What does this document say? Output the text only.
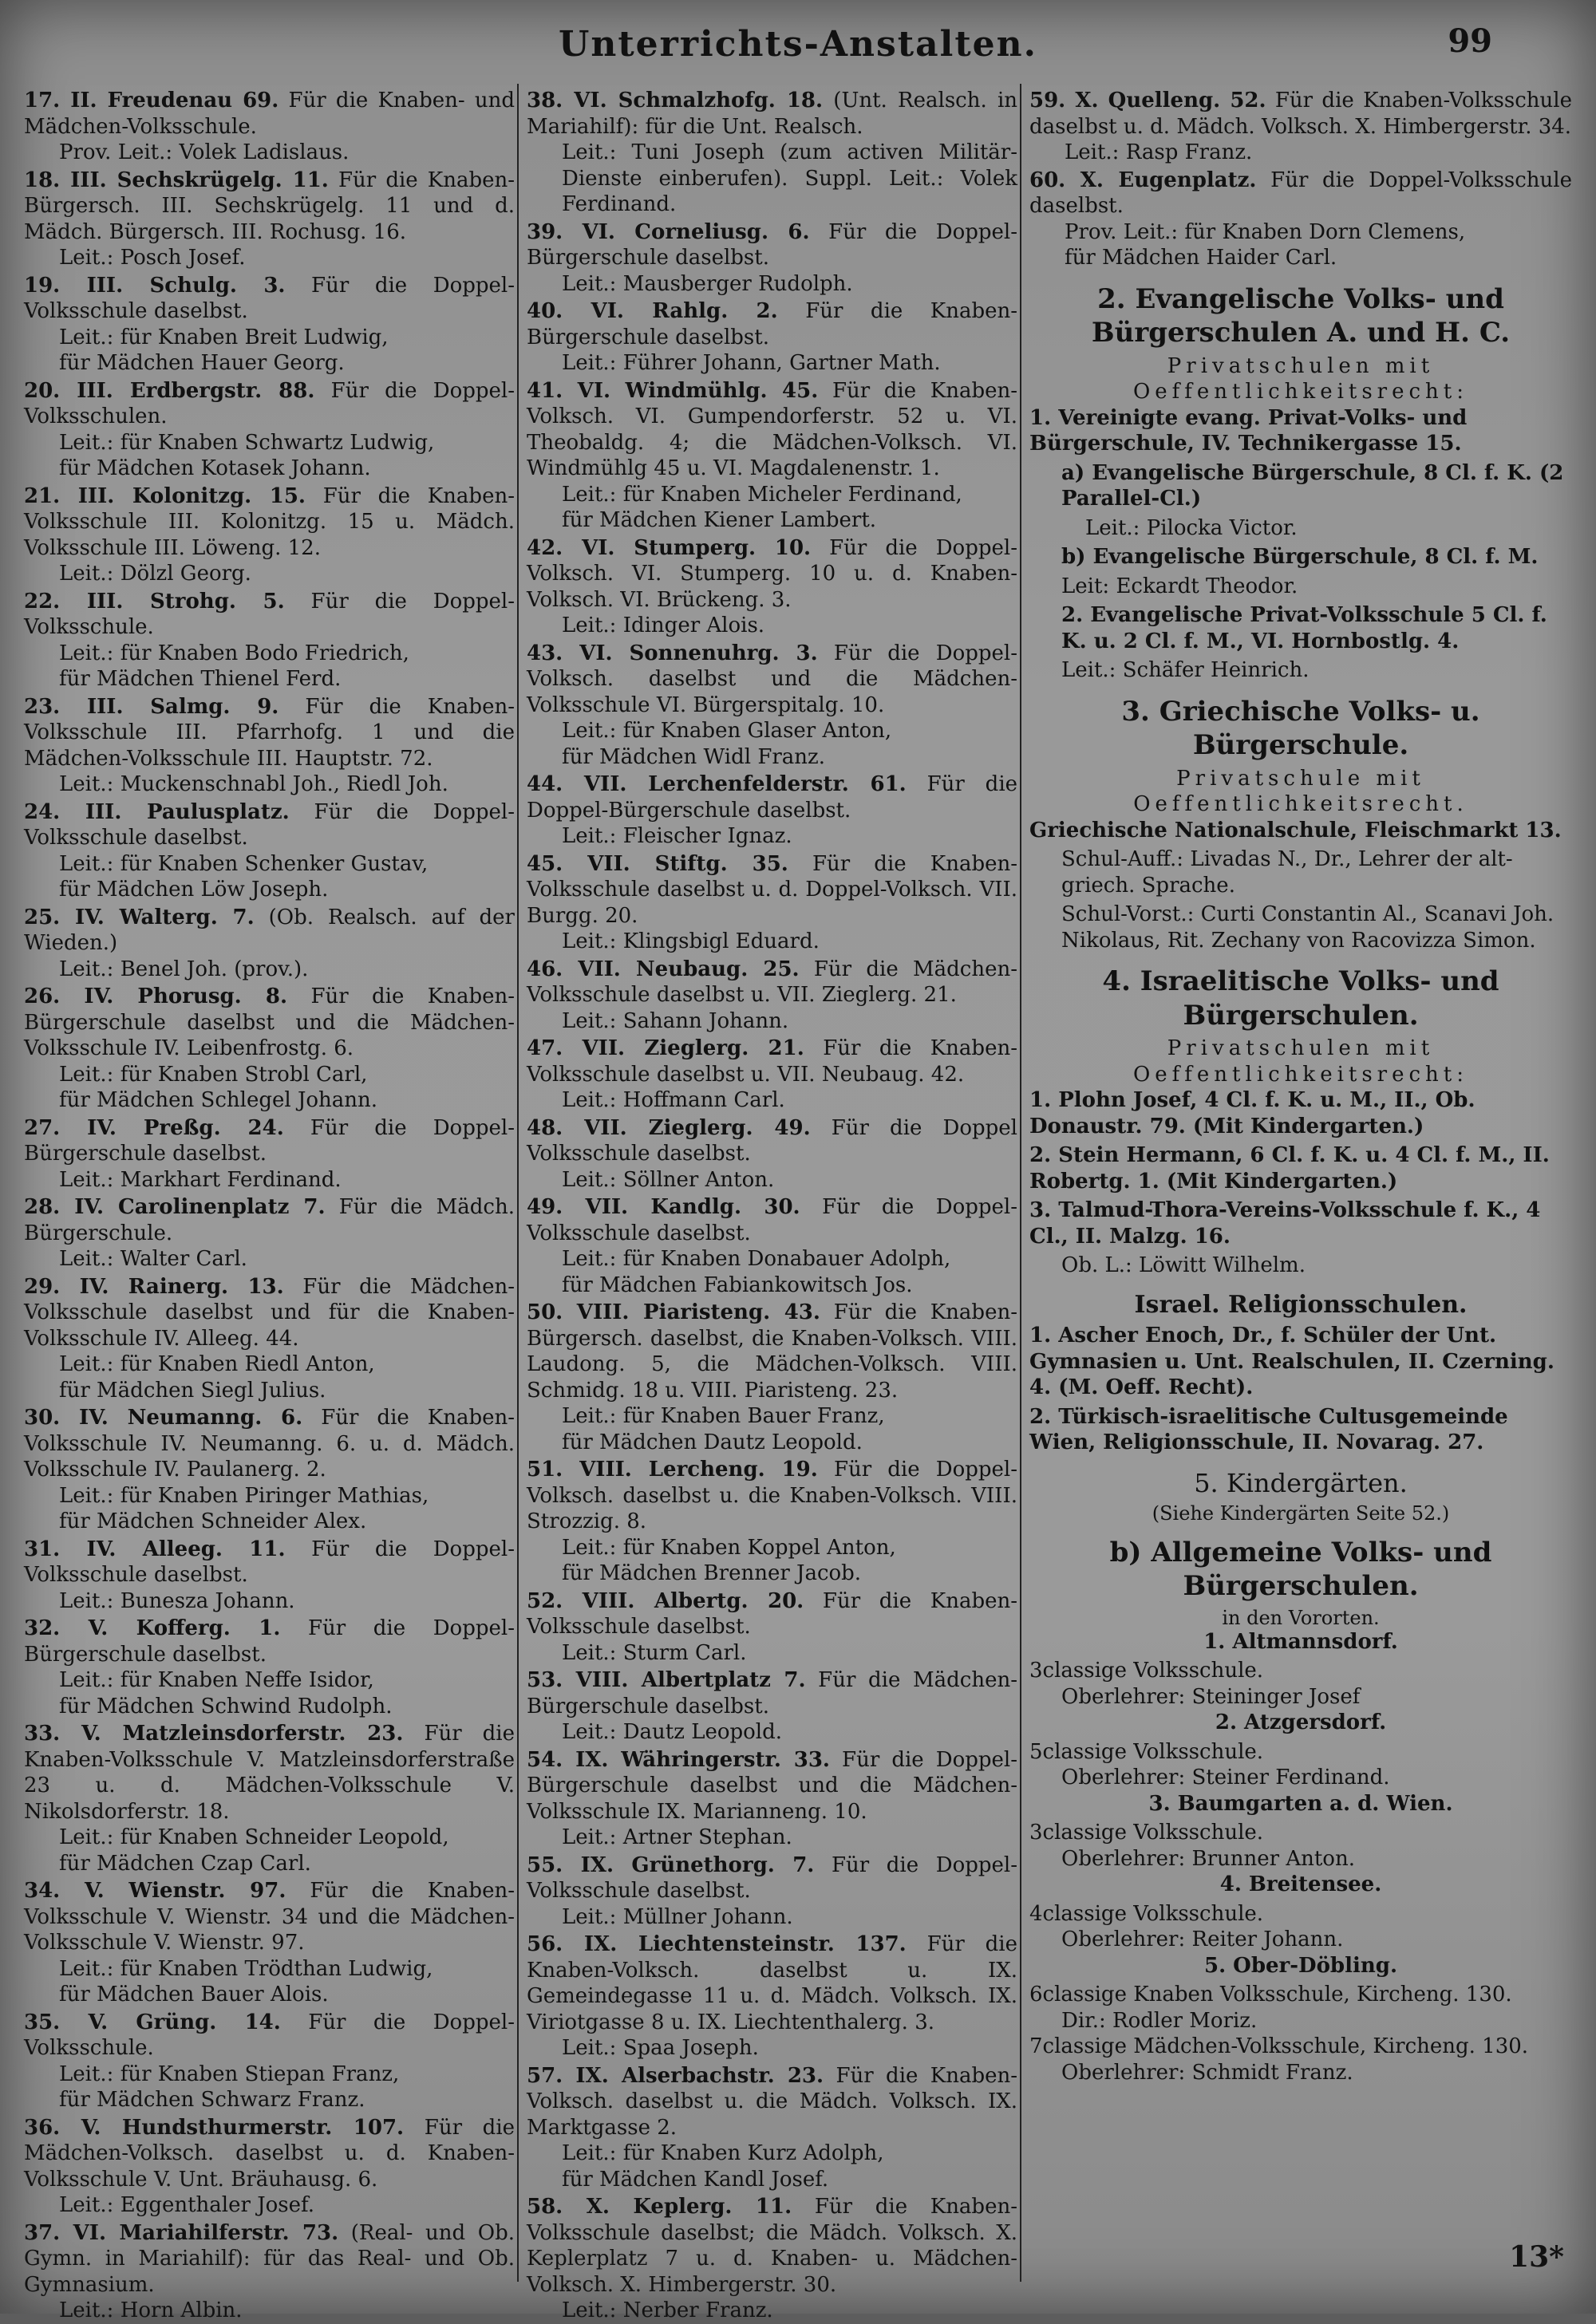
Unterrichts-Anstalten.	99
17. II. Freudenau 69. Für die Knaben- und Mädchen-Volksschule.
Prov. Leit.: Volek Ladislaus.
18. III. Sechskrügelg. 11. Für die Knaben-Bürgersch. III. Sechskrügelg. 11 und d. Mädch. Bürgersch. III. Rochusg. 16.
Leit.: Posch Josef.
19. III. Schulg. 3. Für die Doppel-Volksschule daselbst.
Leit.: für Knaben Breit Ludwig,
für Mädchen Hauer Georg.
20. III. Erdbergstr. 88. Für die Doppel-Volksschulen.
Leit.: für Knaben Schwartz Ludwig,
für Mädchen Kotasek Johann.
21. III. Kolonitzg. 15. Für die Knaben-Volksschule III. Kolonitzg. 15 u. Mädch. Volksschule III. Löweng. 12.
Leit.: Dölzl Georg.
22. III. Strohg. 5. Für die Doppel-Volksschule.
Leit.: für Knaben Bodo Friedrich,
für Mädchen Thienel Ferd.
23. III. Salmg. 9. Für die Knaben-Volksschule III. Pfarrhofg. 1 und die Mädchen-Volksschule III. Hauptstr. 72.
Leit.: Muckenschnabl Joh., Riedl Joh.
24. III. Paulusplatz. Für die Doppel-Volksschule daselbst.
Leit.: für Knaben Schenker Gustav,
für Mädchen Löw Joseph.
25. IV. Walterg. 7. (Ob. Realsch. auf der Wieden.)
Leit.: Benel Joh. (prov.).
26. IV. Phorusg. 8. Für die Knaben-Bürgerschule daselbst und die Mädchen-Volksschule IV. Leibenfrostg. 6.
Leit.: für Knaben Strobl Carl,
für Mädchen Schlegel Johann.
27. IV. Preßg. 24. Für die Doppel-Bürgerschule daselbst.
Leit.: Markhart Ferdinand.
28. IV. Carolinenplatz 7. Für die Mädch. Bürgerschule.
Leit.: Walter Carl.
29. IV. Rainerg. 13. Für die Mädchen-Volksschule daselbst und für die Knaben-Volksschule IV. Alleeg. 44.
Leit.: für Knaben Riedl Anton,
für Mädchen Siegl Julius.
30. IV. Neumanng. 6. Für die Knaben-Volksschule IV. Neumanng. 6. u. d. Mädch. Volksschule IV. Paulanerg. 2.
Leit.: für Knaben Piringer Mathias,
für Mädchen Schneider Alex.
31. IV. Alleeg. 11. Für die Doppel-Volksschule daselbst.
Leit.: Bunesza Johann.
32. V. Kofferg. 1. Für die Doppel-Bürgerschule daselbst.
Leit.: für Knaben Neffe Isidor,
für Mädchen Schwind Rudolph.
33. V. Matzleinsdorferstr. 23. Für die Knaben-Volksschule V. Matzleinsdorferstraße 23 u. d. Mädchen-Volksschule V. Nikolsdorferstr. 18.
Leit.: für Knaben Schneider Leopold,
für Mädchen Czap Carl.
34. V. Wienstr. 97. Für die Knaben-Volksschule V. Wienstr. 34 und die Mädchen-Volksschule V. Wienstr. 97.
Leit.: für Knaben Trödthan Ludwig,
für Mädchen Bauer Alois.
35. V. Grüng. 14. Für die Doppel-Volksschule.
Leit.: für Knaben Stiepan Franz,
für Mädchen Schwarz Franz.
36. V. Hundsthurmerstr. 107. Für die Mädchen-Volksch. daselbst u. d. Knaben-Volksschule V. Unt. Bräuhausg. 6.
Leit.: Eggenthaler Josef.
37. VI. Mariahilferstr. 73. (Real- und Ob. Gymn. in Mariahilf): für das Real- und Ob. Gymnasium.
Leit.: Horn Albin.
38. VI. Schmalzhofg. 18. (Unt. Realsch. in Mariahilf): für die Unt. Realsch.
Leit.: Tuni Joseph (zum activen Militär-Dienste einberufen). Suppl. Leit.: Volek Ferdinand.
39. VI. Corneliusg. 6. Für die Doppel-Bürgerschule daselbst.
Leit.: Mausberger Rudolph.
40. VI. Rahlg. 2. Für die Knaben-Bürgerschule daselbst.
Leit.: Führer Johann, Gartner Math.
41. VI. Windmühlg. 45. Für die Knaben-Volksch. VI. Gumpendorferstr. 52 u. VI. Theobaldg. 4; die Mädchen-Volksch. VI. Windmühlg 45 u. VI. Magdalenenstr. 1.
Leit.: für Knaben Micheler Ferdinand,
für Mädchen Kiener Lambert.
42. VI. Stumperg. 10. Für die Doppel-Volksch. VI. Stumperg. 10 u. d. Knaben-Volksch. VI. Brückeng. 3.
Leit.: Idinger Alois.
43. VI. Sonnenuhrg. 3. Für die Doppel-Volksch. daselbst und die Mädchen-Volksschule VI. Bürgerspitalg. 10.
Leit.: für Knaben Glaser Anton,
für Mädchen Widl Franz.
44. VII. Lerchenfelderstr. 61. Für die Doppel-Bürgerschule daselbst.
Leit.: Fleischer Ignaz.
45. VII. Stiftg. 35. Für die Knaben-Volksschule daselbst u. d. Doppel-Volksch. VII. Burgg. 20.
Leit.: Klingsbigl Eduard.
46. VII. Neubaug. 25. Für die Mädchen-Volksschule daselbst u. VII. Zieglerg. 21.
Leit.: Sahann Johann.
47. VII. Zieglerg. 21. Für die Knaben-Volksschule daselbst u. VII. Neubaug. 42.
Leit.: Hoffmann Carl.
48. VII. Zieglerg. 49. Für die Doppel Volksschule daselbst.
Leit.: Söllner Anton.
49. VII. Kandlg. 30. Für die Doppel-Volksschule daselbst.
Leit.: für Knaben Donabauer Adolph,
für Mädchen Fabiankowitsch Jos.
50. VIII. Piaristeng. 43. Für die Knaben-Bürgersch. daselbst, die Knaben-Volksch. VIII. Laudong. 5, die Mädchen-Volksch. VIII. Schmidg. 18 u. VIII. Piaristeng. 23.
Leit.: für Knaben Bauer Franz,
für Mädchen Dautz Leopold.
51. VIII. Lercheng. 19. Für die Doppel-Volksch. daselbst u. die Knaben-Volksch. VIII. Strozzig. 8.
Leit.: für Knaben Koppel Anton,
für Mädchen Brenner Jacob.
52. VIII. Albertg. 20. Für die Knaben-Volksschule daselbst.
Leit.: Sturm Carl.
53. VIII. Albertplatz 7. Für die Mädchen-Bürgerschule daselbst.
Leit.: Dautz Leopold.
54. IX. Währingerstr. 33. Für die Doppel-Bürgerschule daselbst und die Mädchen-Volksschule IX. Marianneng. 10.
Leit.: Artner Stephan.
55. IX. Grünethorg. 7. Für die Doppel-Volksschule daselbst.
Leit.: Müllner Johann.
56. IX. Liechtensteinstr. 137. Für die Knaben-Volksch. daselbst u. IX. Gemeindegasse 11 u. d. Mädch. Volksch. IX. Viriotgasse 8 u. IX. Liechtenthalerg. 3.
Leit.: Spaa Joseph.
57. IX. Alserbachstr. 23. Für die Knaben-Volksch. daselbst u. die Mädch. Volksch. IX. Marktgasse 2.
Leit.: für Knaben Kurz Adolph,
für Mädchen Kandl Josef.
58. X. Keplerg. 11. Für die Knaben-Volksschule daselbst; die Mädch. Volksch. X. Keplerplatz 7 u. d. Knaben- u. Mädchen-Volksch. X. Himbergerstr. 30.
Leit.: Nerber Franz.
59. X. Quelleng. 52. Für die Knaben-Volksschule daselbst u. d. Mädch. Volksch. X. Himbergerstr. 34.
Leit.: Rasp Franz.
60. X. Eugenplatz. Für die Doppel-Volksschule daselbst.
Prov. Leit.: für Knaben Dorn Clemens,
für Mädchen Haider Carl.
2. Evangelische Volks- und Bürgerschulen A. und H. C.
Privatschulen mit Oeffentlichkeitsrecht:
1. Vereinigte evang. Privat-Volks- und Bürgerschule, IV. Technikergasse 15.
a) Evangelische Bürgerschule, 8 Cl. f. K. (2 Parallel-Cl.)
Leit.: Pilocka Victor.
b) Evangelische Bürgerschule, 8 Cl. f. M.
Leit: Eckardt Theodor.
2. Evangelische Privat-Volksschule 5 Cl. f. K. u. 2 Cl. f. M., VI. Hornbostlg. 4.
Leit.: Schäfer Heinrich.
3. Griechische Volks- u. Bürgerschule.
Privatschule mit Oeffentlichkeitsrecht.
Griechische Nationalschule, Fleischmarkt 13.
Schul-Auff.: Livadas N., Dr., Lehrer der alt-griech. Sprache.
Schul-Vorst.: Curti Constantin Al., Scanavi Joh. Nikolaus, Rit. Zechany von Racovizza Simon.
4. Israelitische Volks- und Bürgerschulen.
Privatschulen mit Oeffentlichkeitsrecht:
1. Plohn Josef, 4 Cl. f. K. u. M., II., Ob. Donaustr. 79. (Mit Kindergarten.)
2. Stein Hermann, 6 Cl. f. K. u. 4 Cl. f. M., II. Robertg. 1. (Mit Kindergarten.)
3. Talmud-Thora-Vereins-Volksschule f. K., 4 Cl., II. Malzg. 16.
Ob. L.: Löwitt Wilhelm.
Israel. Religionsschulen.
1. Ascher Enoch, Dr., f. Schüler der Unt. Gymnasien u. Unt. Realschulen, II. Czerning. 4. (M. Oeff. Recht).
2. Türkisch-israelitische Cultusgemeinde Wien, Religionsschule, II. Novarag. 27.
5. Kindergärten.
(Siehe Kindergärten Seite 52.)
b) Allgemeine Volks- und Bürgerschulen.
in den Vororten.
1. Altmannsdorf.
3classige Volksschule.
Oberlehrer: Steininger Josef
2. Atzgersdorf.
5classige Volksschule.
Oberlehrer: Steiner Ferdinand.
3. Baumgarten a. d. Wien.
3classige Volksschule.
Oberlehrer: Brunner Anton.
4. Breitensee.
4classige Volksschule.
Oberlehrer: Reiter Johann.
5. Ober-Döbling.
6classige Knaben Volksschule, Kircheng. 130.
Dir.: Rodler Moriz.
7classige Mädchen-Volksschule, Kircheng. 130.
Oberlehrer: Schmidt Franz.
13*
